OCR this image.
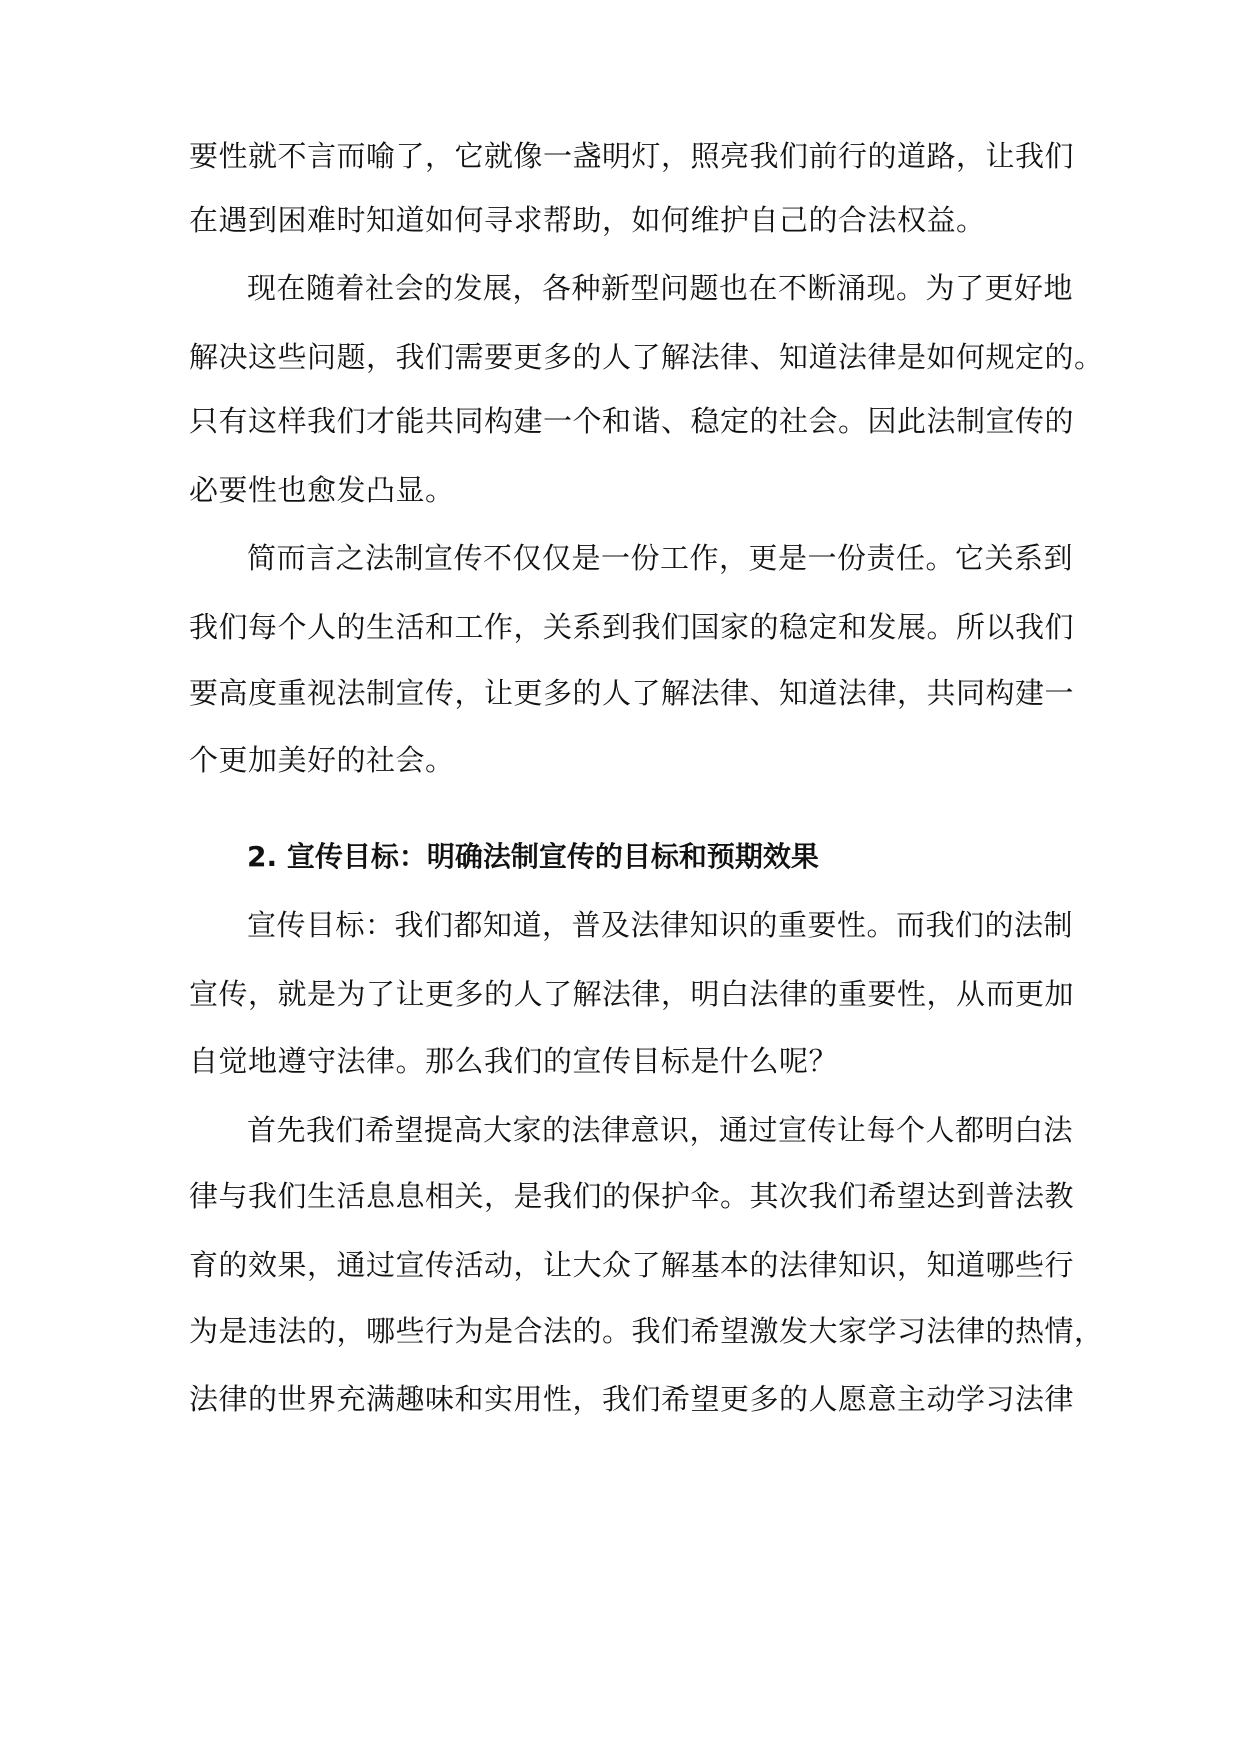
要性就不言而喻了，它就像一盏明灯，照亮我们前行的道路，让我们
在遇到困难时知道如何寻求帮助，如何维护自己的合法权益。
现在随着社会的发展，各种新型问题也在不断涌现。为了更好地
解决这些问题，我们需要更多的人了解法律、知道法律是如何规定的。
只有这样我们才能共同构建一个和谐、稳定的社会。因此法制宣传的
必要性也愈发凸显。
简而言之法制宣传不仅仅是一份工作，更是一份责任。它关系到
我们每个人的生活和工作，关系到我们国家的稳定和发展。所以我们
要高度重视法制宣传，让更多的人了解法律、知道法律，共同构建一
个更加美好的社会。
2. 宣传目标：明确法制宣传的目标和预期效果
宣传目标：我们都知道，普及法律知识的重要性。而我们的法制
宣传，就是为了让更多的人了解法律，明白法律的重要性，从而更加
自觉地遵守法律。那么我们的宣传目标是什么呢？
首先我们希望提高大家的法律意识，通过宣传让每个人都明白法
律与我们生活息息相关，是我们的保护伞。其次我们希望达到普法教
育的效果，通过宣传活动，让大众了解基本的法律知识，知道哪些行
为是违法的，哪些行为是合法的。我们希望激发大家学习法律的热情，
法律的世界充满趣味和实用性，我们希望更多的人愿意主动学习法律
